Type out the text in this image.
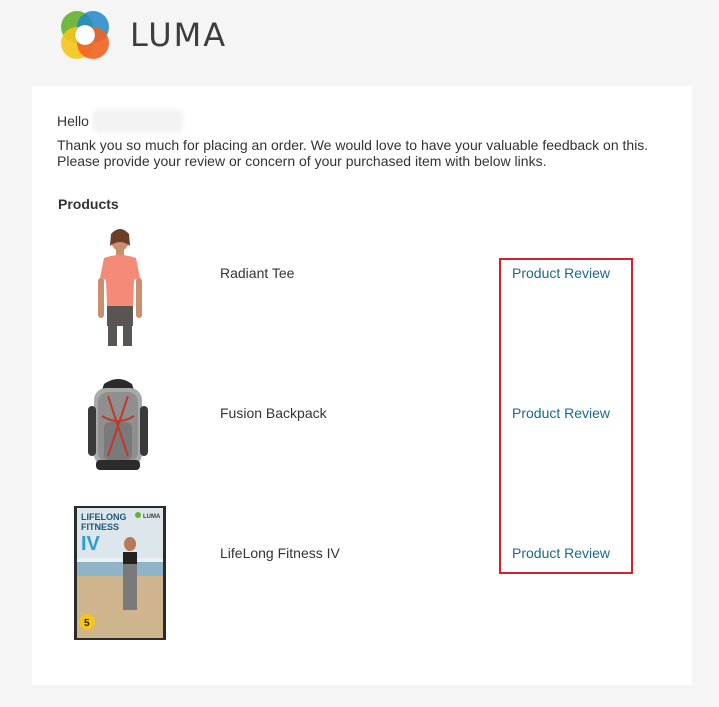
LUMA
Hello

Thank you so much for placing an order. We would love to have your valuable feedback on this. Please provide your review or concern of your purchased item with below links.

Products

Radiant Tee	Product Review
Fusion Backpack	Product Review
LIFELONG
FITNESS
IV
LUMA
5
LifeLong Fitness IV	Product Review
